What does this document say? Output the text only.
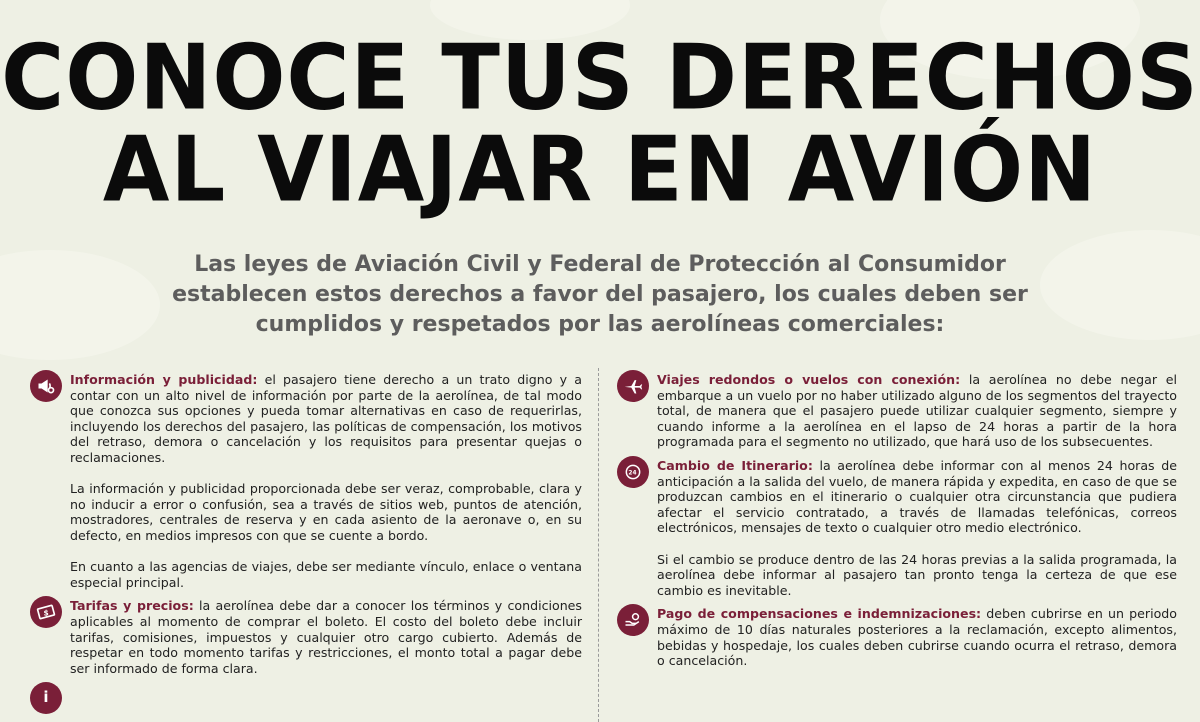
CONOCE TUS DERECHOS
AL VIAJAR EN AVIÓN
Las leyes de Aviación Civil y Federal de Protección al Consumidor
establecen estos derechos a favor del pasajero, los cuales deben ser
cumplidos y respetados por las aerolíneas comerciales:

Información y publicidad: el pasajero tiene derecho a un trato digno y a contar con un alto nivel de información por parte de la aerolínea, de tal modo que conozca sus opciones y pueda tomar alternativas en caso de requerirlas, incluyendo los derechos del pasajero, las políticas de compensación, los motivos del retraso, demora o cancelación y los requisitos para presentar quejas o reclamaciones.

La información y publicidad proporcionada debe ser veraz, comprobable, clara y no inducir a error o confusión, sea a través de sitios web, puntos de atención, mostradores, centrales de reserva y en cada asiento de la aeronave o, en su defecto, en medios impresos con que se cuente a bordo.

En cuanto a las agencias de viajes, debe ser mediante vínculo, enlace o ventana especial principal.

$ Tarifas y precios: la aerolínea debe dar a conocer los términos y condiciones aplicables al momento de comprar el boleto. El costo del boleto debe incluir tarifas, comisiones, impuestos y cualquier otro cargo cubierto. Además de respetar en todo momento tarifas y restricciones, el monto total a pagar debe ser informado de forma clara.

i

Viajes redondos o vuelos con conexión: la aerolínea no debe negar el embarque a un vuelo por no haber utilizado alguno de los segmentos del trayecto total, de manera que el pasajero puede utilizar cualquier segmento, siempre y cuando informe a la aerolínea en el lapso de 24 horas a partir de la hora programada para el segmento no utilizado, que hará uso de los subsecuentes.

24

Cambio de Itinerario: la aerolínea debe informar con al menos 24 horas de anticipación a la salida del vuelo, de manera rápida y expedita, en caso de que se produzcan cambios en el itinerario o cualquier otra circunstancia que pudiera afectar el servicio contratado, a través de llamadas telefónicas, correos electrónicos, mensajes de texto o cualquier otro medio electrónico.

Si el cambio se produce dentro de las 24 horas previas a la salida programada, la aerolínea debe informar al pasajero tan pronto tenga la certeza de que ese cambio es inevitable.

Pago de compensaciones e indemnizaciones: deben cubrirse en un periodo máximo de 10 días naturales posteriores a la reclamación, excepto alimentos, bebidas y hospedaje, los cuales deben cubrirse cuando ocurra el retraso, demora o cancelación.
